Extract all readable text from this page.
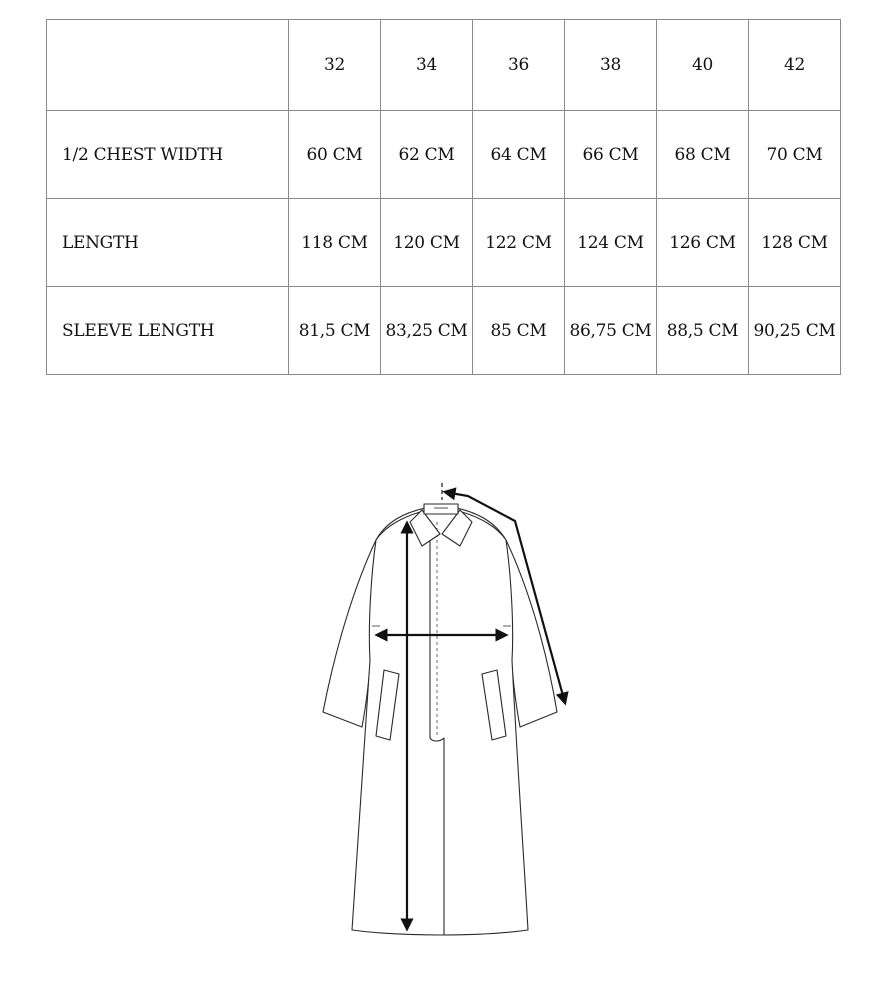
	32	34	36	38	40	42
1/2 CHEST WIDTH	60 CM	62 CM	64 CM	66 CM	68 CM	70 CM
LENGTH	118 CM	120 CM	122 CM	124 CM	126 CM	128 CM
SLEEVE LENGTH	81,5 CM	83,25 CM	85 CM	86,75 CM	88,5 CM	90,25 CM
